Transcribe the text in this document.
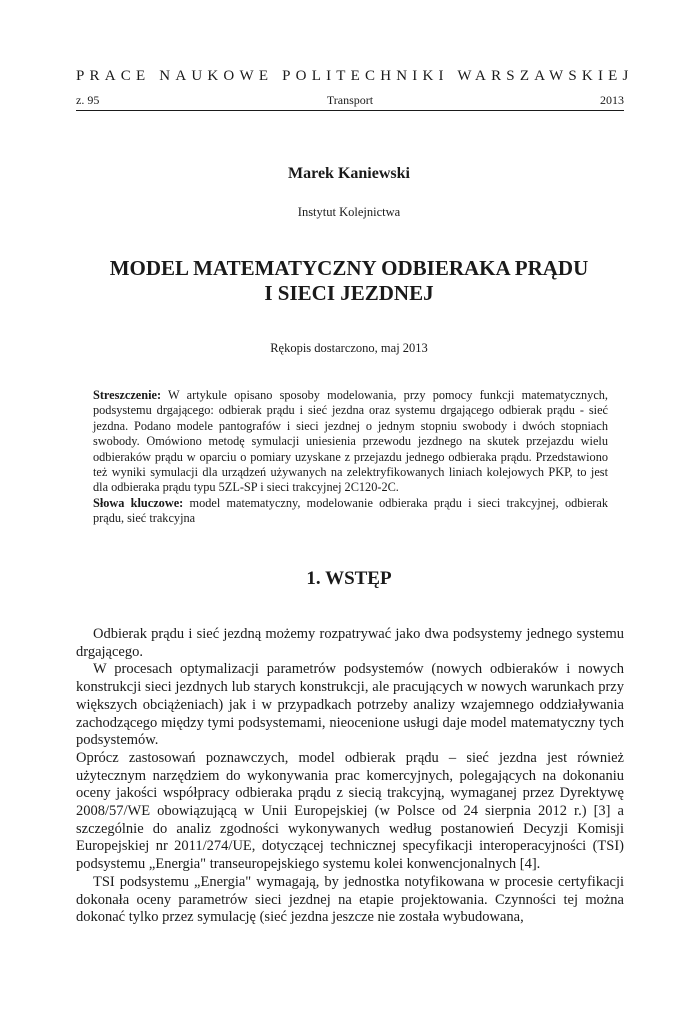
PRACE NAUKOWE POLITECHNIKI WARSZAWSKIEJ
z. 95	Transport	2013
Marek Kaniewski
Instytut Kolejnictwa
MODEL MATEMATYCZNY ODBIERAKA PRĄDU
I SIECI JEZDNEJ
Rękopis dostarczono, maj 2013

Streszczenie: W artykule opisano sposoby modelowania, przy pomocy funkcji matematycznych, podsystemu drgającego: odbierak prądu i sieć jezdna oraz systemu drgającego odbierak prądu - sieć jezdna. Podano modele pantografów i sieci jezdnej o jednym stopniu swobody i dwóch stopniach swobody. Omówiono metodę symulacji uniesienia przewodu jezdnego na skutek przejazdu wielu odbieraków prądu w oparciu o pomiary uzyskane z przejazdu jednego odbieraka prądu. Przedstawiono też wyniki symulacji dla urządzeń używanych na zelektryfikowanych liniach kolejowych PKP, to jest dla odbieraka prądu typu 5ZL-SP i sieci trakcyjnej 2C120-2C.

Słowa kluczowe: model matematyczny, modelowanie odbieraka prądu i sieci trakcyjnej, odbierak prądu, sieć trakcyjna

1. WSTĘP

Odbierak prądu i sieć jezdną możemy rozpatrywać jako dwa podsystemy jednego systemu drgającego.

W procesach optymalizacji parametrów podsystemów (nowych odbieraków i nowych konstrukcji sieci jezdnych lub starych konstrukcji, ale pracujących w nowych warunkach przy większych obciążeniach) jak i w przypadkach potrzeby analizy wzajemnego oddziaływania zachodzącego między tymi podsystemami, nieocenione usługi daje model matematyczny tych podsystemów.

Oprócz zastosowań poznawczych, model odbierak prądu – sieć jezdna jest również użytecznym narzędziem do wykonywania prac komercyjnych, polegających na dokonaniu oceny jakości współpracy odbieraka prądu z siecią trakcyjną, wymaganej przez Dyrektywę 2008/57/WE obowiązującą w Unii Europejskiej (w Polsce od 24 sierpnia 2012 r.) [3] a szczególnie do analiz zgodności wykonywanych według postanowień Decyzji Komisji Europejskiej nr 2011/274/UE, dotyczącej technicznej specyfikacji interoperacyjności (TSI) podsystemu „Energia" transeuropejskiego systemu kolei konwencjonalnych [4].

TSI podsystemu „Energia" wymagają, by jednostka notyfikowana w procesie certyfikacji dokonała oceny parametrów sieci jezdnej na etapie projektowania. Czynności tej można dokonać tylko przez symulację (sieć jezdna jeszcze nie została wybudowana,
